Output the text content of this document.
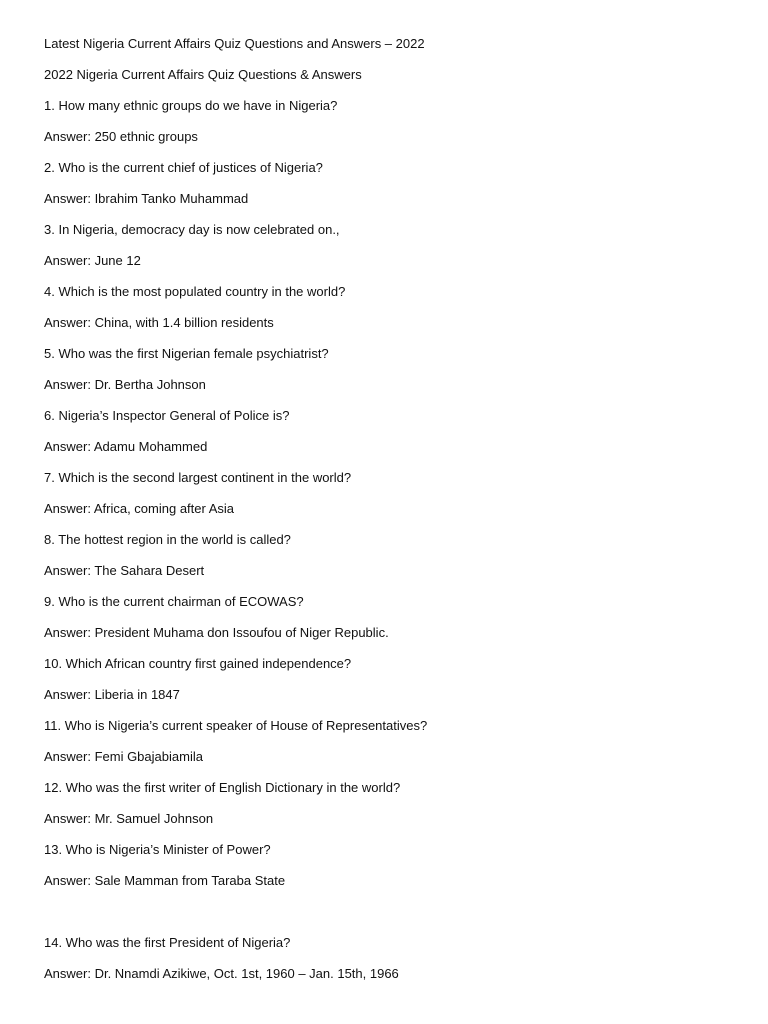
Latest Nigeria Current Affairs Quiz Questions and Answers – 2022

2022 Nigeria Current Affairs Quiz Questions & Answers

1. How many ethnic groups do we have in Nigeria?

Answer: 250 ethnic groups

2. Who is the current chief of justices of Nigeria?

Answer: Ibrahim Tanko Muhammad

3. In Nigeria, democracy day is now celebrated on.,

Answer: June 12

4. Which is the most populated country in the world?

Answer: China, with 1.4 billion residents

5. Who was the first Nigerian female psychiatrist?

Answer: Dr. Bertha Johnson

6. Nigeria’s Inspector General of Police is?

Answer: Adamu Mohammed

7. Which is the second largest continent in the world?

Answer: Africa, coming after Asia

8. The hottest region in the world is called?

Answer: The Sahara Desert

9. Who is the current chairman of ECOWAS?

Answer: President Muhama don Issoufou of Niger Republic.

10. Which African country first gained independence?

Answer: Liberia in 1847

11. Who is Nigeria’s current speaker of House of Representatives?

Answer: Femi Gbajabiamila

12. Who was the first writer of English Dictionary in the world?

Answer: Mr. Samuel Johnson

13. Who is Nigeria’s Minister of Power?

Answer: Sale Mamman from Taraba State

14. Who was the first President of Nigeria?

Answer: Dr. Nnamdi Azikiwe, Oct. 1st, 1960 – Jan. 15th, 1966
